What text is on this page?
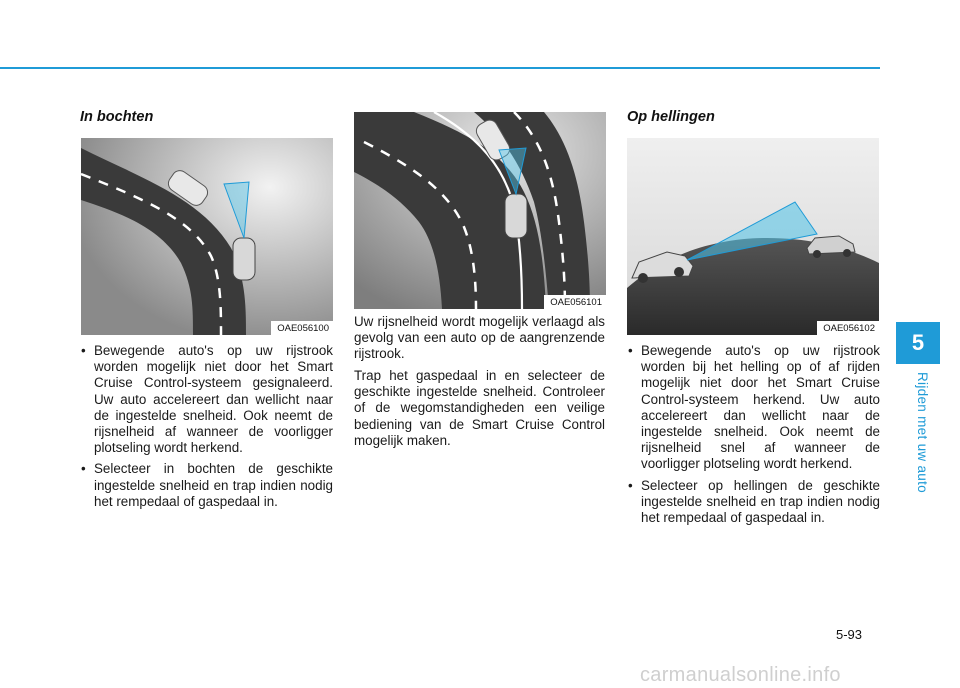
5
Rijden met uw auto
In bochten
OAE056100
• Bewegende auto's op uw rijstrook worden mogelijk niet door het Smart Cruise Control-systeem gesignaleerd. Uw auto accelereert dan wellicht naar de ingestelde snelheid. Ook neemt de rijsnelheid af wanneer de voorligger plotseling wordt herkend.
• Selecteer in bochten de geschikte ingestelde snelheid en trap indien nodig het rempedaal of gaspedaal in.
OAE056101

Uw rijsnelheid wordt mogelijk verlaagd als gevolg van een auto op de aangrenzende rijstrook.

Trap het gaspedaal in en selecteer de geschikte ingestelde snelheid. Controleer of de wegomstandigheden een veilige bediening van de Smart Cruise Control mogelijk maken.

Op hellingen
OAE056102
• Bewegende auto's op uw rijstrook worden bij het helling op of af rijden mogelijk niet door het Smart Cruise Control-systeem herkend. Uw auto accelereert dan wellicht naar de ingestelde snelheid. Ook neemt de rijsnelheid snel af wanneer de voorligger plotseling wordt herkend.
• Selecteer op hellingen de geschikte ingestelde snelheid en trap indien nodig het rempedaal of gaspedaal in.
5-93
carmanualsonline.info
